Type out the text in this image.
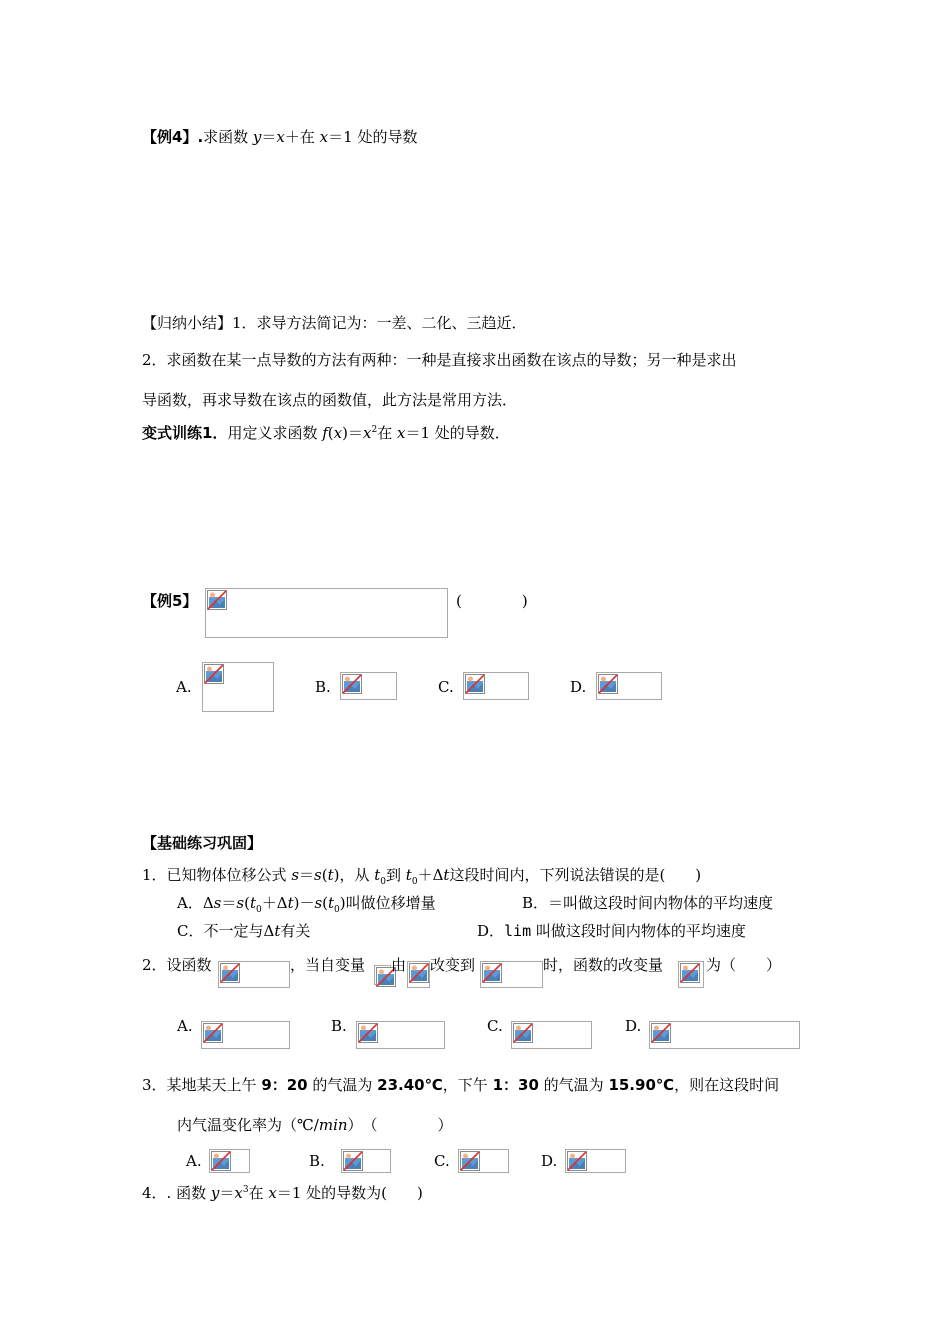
【例4】.求函数 y＝x＋在 x＝1 处的导数
【归纳小结】1．求导方法简记为：一差、二化、三趋近．
2．求函数在某一点导数的方法有两种：一种是直接求出函数在该点的导数；另一种是求出
导函数，再求导数在该点的函数值，此方法是常用方法．
变式训练1．用定义求函数 $f(x)=x^2$在 x＝1 处的导数．
【例5】	(　　　　)
A.	B.	C.	D.
【基础练习巩固】
1．已知物体位移公式 s＝s(t)，从 $t_0$到 $t_0+\Delta t$这段时间内，下列说法错误的是(　　)
A．$\Delta s=s(t_0+\Delta t)-s(t_0)$叫做位移增量	B．＝叫做这段时间内物体的平均速度
C．不一定与Δt有关	D．lim 叫做这段时间内物体的平均速度
2．设函数	，当自变量 由 改变到	时，函数的改变量	为（　　）
A.	B.	C.	D.
3．某地某天上午 9：20 的气温为 23.40℃，下午 1：30 的气温为 15.90℃，则在这段时间
内气温变化率为（℃/min）　（　　　　）
A.	B.	C.	D.
4．. 函数 $y=x^3$在 x＝1 处的导数为(　　)
